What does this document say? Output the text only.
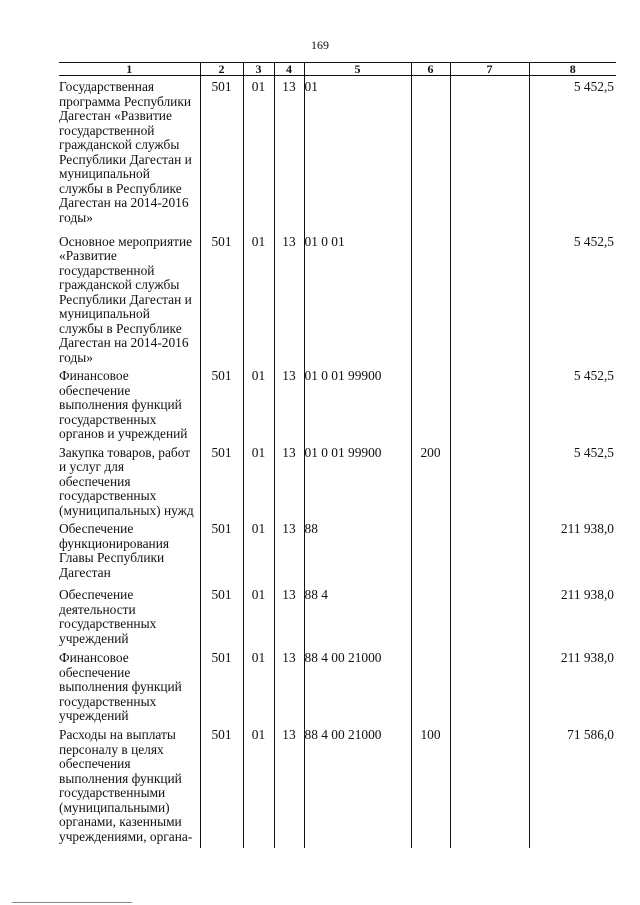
169
1	2	3	4	5	6	7	8
Государственная программа Республики Дагестан «Развитие государственной гражданской службы Республики Дагестан и муниципальной службы в Республике Дагестан на 2014-2016 годы»	501	01	13	01			5 452,5
Основное мероприятие «Развитие государственной гражданской службы Республики Дагестан и муниципальной службы в Республике Дагестан на 2014-2016 годы»	501	01	13	01 0 01			5 452,5
Финансовое обеспечение выполнения функций государственных органов и учреждений	501	01	13	01 0 01 99900			5 452,5
Закупка товаров, работ и услуг для обеспечения государственных (муниципальных) нужд	501	01	13	01 0 01 99900	200		5 452,5
Обеспечение функционирования Главы Республики Дагестан	501	01	13	88			211 938,0
Обеспечение деятельности государственных учреждений	501	01	13	88 4			211 938,0
Финансовое обеспечение выполнения функций государственных учреждений	501	01	13	88 4 00 21000			211 938,0
Расходы на выплаты персоналу в целях обеспечения выполнения функций государственными (муниципальными) органами, казенными учреждениями, органа-	501	01	13	88 4 00 21000	100		71 586,0
